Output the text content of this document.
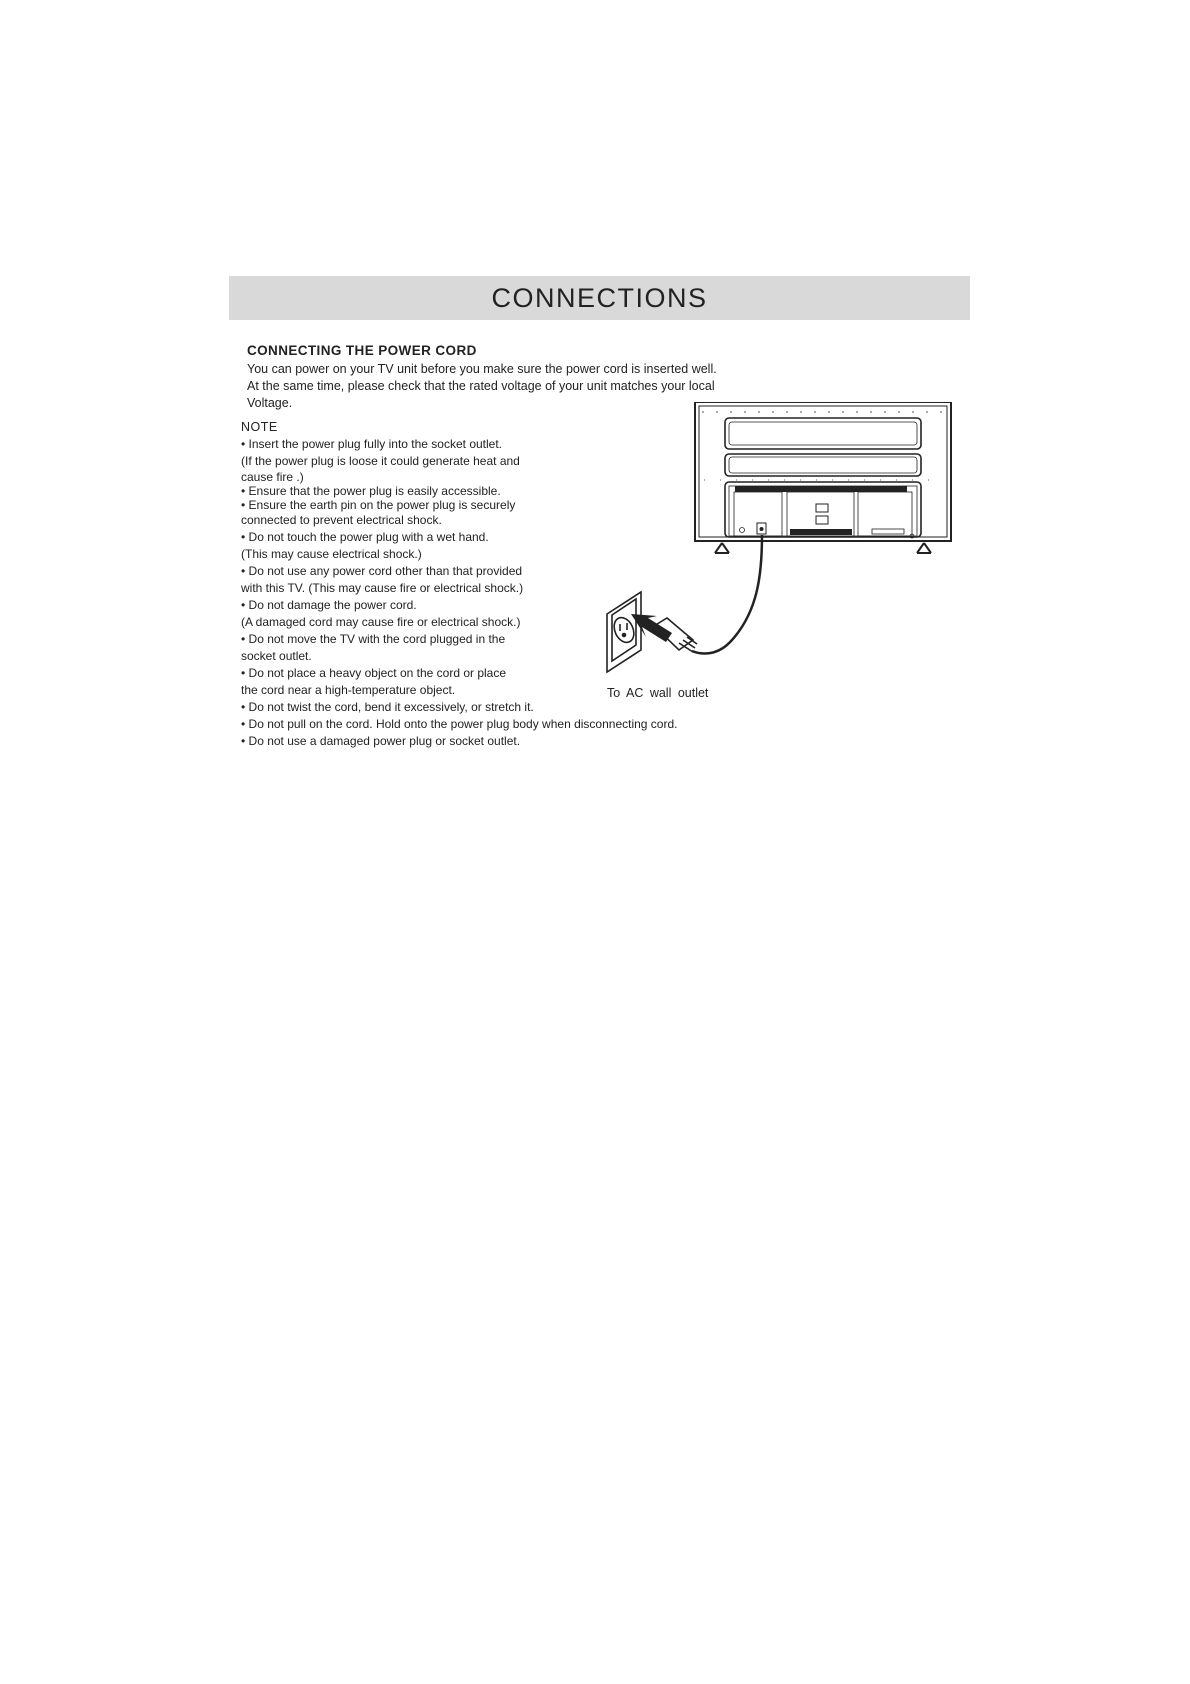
CONNECTIONS
CONNECTING THE POWER CORD
You can power on your TV unit before you make sure the power cord is inserted well.
At the same time, please check that the rated voltage of your unit matches your local
Voltage.
NOTE
• Insert the power plug fully into the socket outlet.
(If the power plug is loose it could generate heat and
cause fire .)
• Ensure that the power plug is easily accessible.
• Ensure the earth pin on the power plug is securely
connected to prevent electrical shock.
• Do not touch the power plug with a wet hand.
(This may cause electrical shock.)
• Do not use any power cord other than that provided
with this TV. (This may cause fire or electrical shock.)
• Do not damage the power cord.
(A damaged cord may cause fire or electrical shock.)
• Do not move the TV with the cord plugged in the
socket outlet.
• Do not place a heavy object on the cord or place
the cord near a high-temperature object.
• Do not twist the cord, bend it excessively, or stretch it.
• Do not pull on the cord. Hold onto the power plug body when disconnecting cord.
• Do not use a damaged power plug or socket outlet.
To AC wall outlet
